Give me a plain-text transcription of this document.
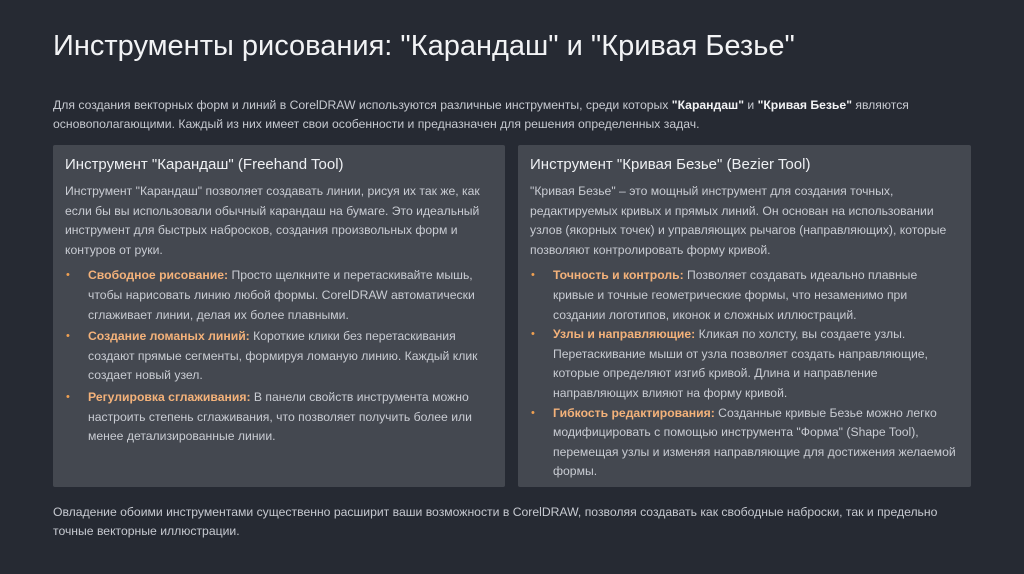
Инструменты рисования: "Карандаш" и "Кривая Безье"
Для создания векторных форм и линий в CorelDRAW используются различные инструменты, среди которых "Карандаш" и "Кривая Безье" являются основополагающими. Каждый из них имеет свои особенности и предназначен для решения определенных задач.
Инструмент "Карандаш" (Freehand Tool)
Инструмент "Карандаш" позволяет создавать линии, рисуя их так же, как если бы вы использовали обычный карандаш на бумаге. Это идеальный инструмент для быстрых набросков, создания произвольных форм и контуров от руки.
• Свободное рисование: Просто щелкните и перетаскивайте мышь, чтобы нарисовать линию любой формы. CorelDRAW автоматически сглаживает линии, делая их более плавными.
• Создание ломаных линий: Короткие клики без перетаскивания создают прямые сегменты, формируя ломаную линию. Каждый клик создает новый узел.
• Регулировка сглаживания: В панели свойств инструмента можно настроить степень сглаживания, что позволяет получить более или менее детализированные линии.
Инструмент "Кривая Безье" (Bezier Tool)
"Кривая Безье" – это мощный инструмент для создания точных, редактируемых кривых и прямых линий. Он основан на использовании узлов (якорных точек) и управляющих рычагов (направляющих), которые позволяют контролировать форму кривой.
• Точность и контроль: Позволяет создавать идеально плавные кривые и точные геометрические формы, что незаменимо при создании логотипов, иконок и сложных иллюстраций.
• Узлы и направляющие: Кликая по холсту, вы создаете узлы. Перетаскивание мыши от узла позволяет создать направляющие, которые определяют изгиб кривой. Длина и направление направляющих влияют на форму кривой.
• Гибкость редактирования: Созданные кривые Безье можно легко модифицировать с помощью инструмента "Форма" (Shape Tool), перемещая узлы и изменяя направляющие для достижения желаемой формы.
Овладение обоими инструментами существенно расширит ваши возможности в CorelDRAW, позволяя создавать как свободные наброски, так и предельно точные векторные иллюстрации.
